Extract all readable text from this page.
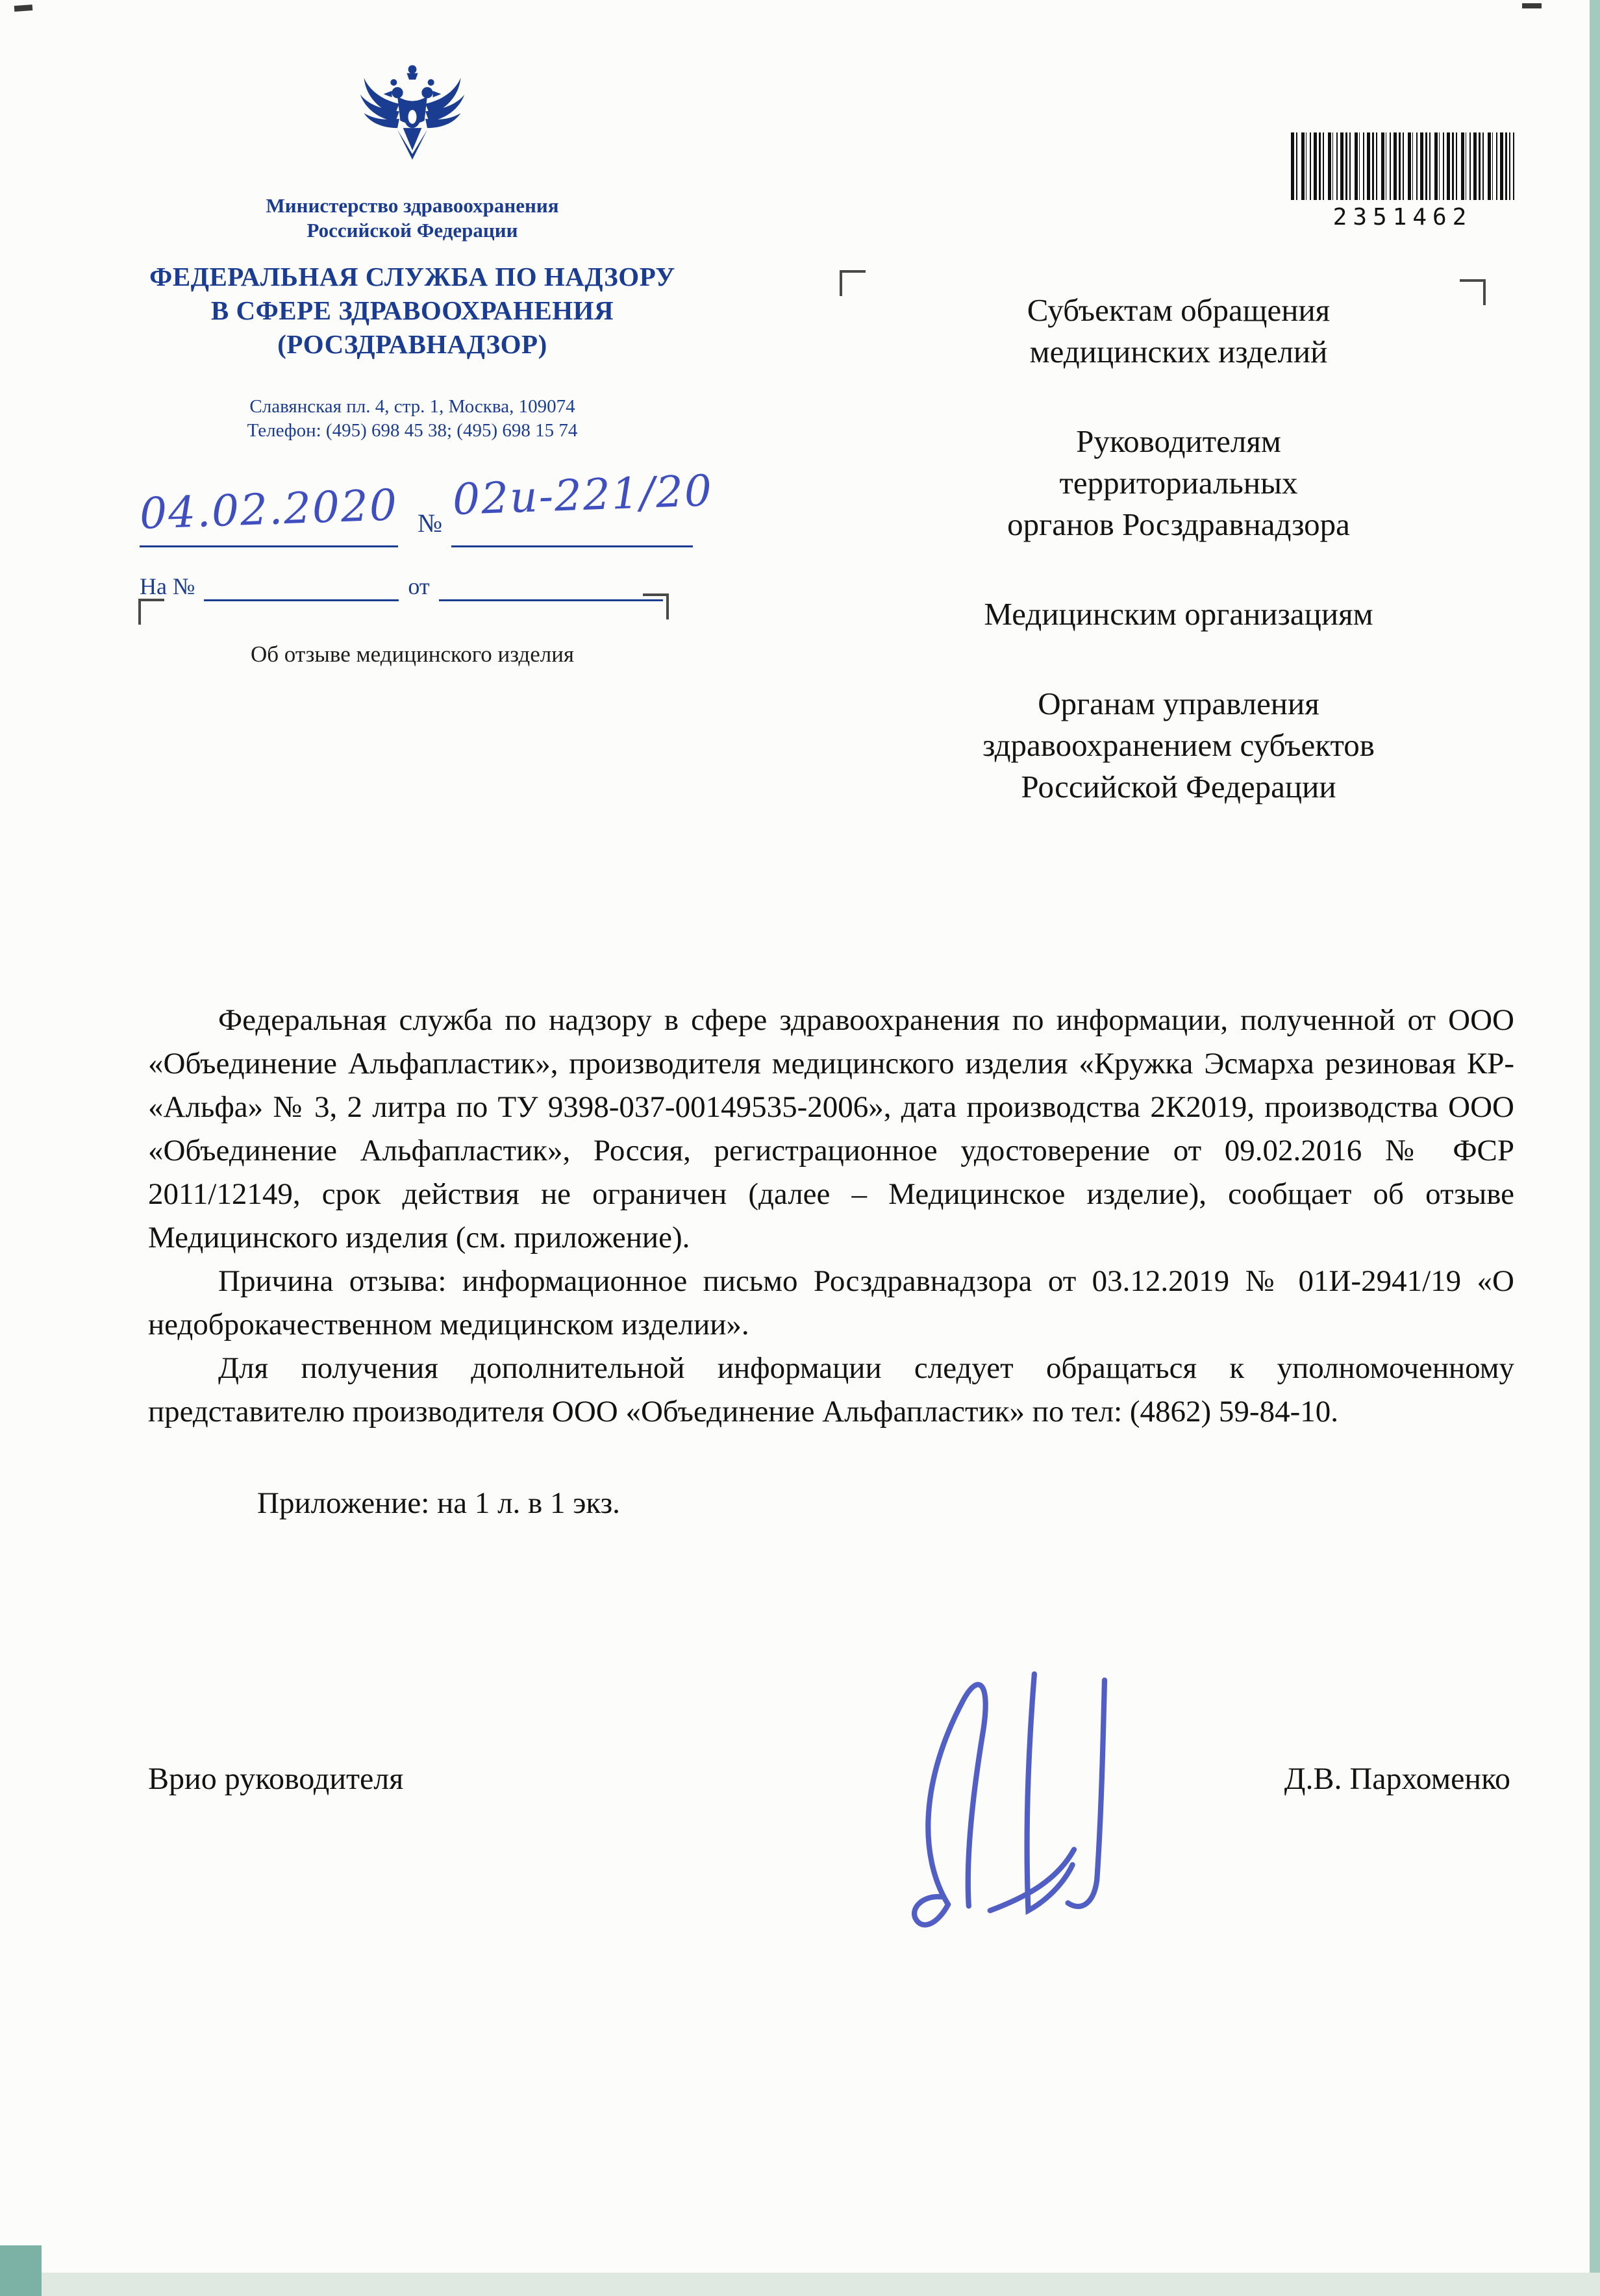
Министерство здравоохранения
Российской Федерации
ФЕДЕРАЛЬНАЯ СЛУЖБА ПО НАДЗОРУ
В СФЕРЕ ЗДРАВООХРАНЕНИЯ
(РОСЗДРАВНАДЗОР)
Славянская пл. 4, стр. 1, Москва, 109074
Телефон: (495) 698 45 38; (495) 698 15 74
04.02.2020 № 02и-221/20
На №	от
Об отзыве медицинского изделия
2351462
Субъектам обращения
медицинских изделий
Руководителям
территориальных
органов Росздравнадзора
Медицинским организациям
Органам управления
здравоохранением субъектов
Российской Федерации

Федеральная служба по надзору в сфере здравоохранения по информации, полученной от ООО «Объединение Альфапластик», производителя медицинского изделия «Кружка Эсмарха резиновая КР- «Альфа» № 3, 2 литра по ТУ 9398-037-00149535-2006», дата производства 2К2019, производства ООО «Объединение Альфапластик», Россия, регистрационное удостоверение от 09.02.2016 № ФСР 2011/12149, срок действия не ограничен (далее – Медицинское изделие), сообщает об отзыве Медицинского изделия (см. приложение).

Причина отзыва: информационное письмо Росздравнадзора от 03.12.2019 № 01И-2941/19 «О недоброкачественном медицинском изделии».

Для получения дополнительной информации следует обращаться к уполномоченному представителю производителя ООО «Объединение Альфапластик» по тел: (4862) 59-84-10.

Приложение: на 1 л. в 1 экз.

Врио руководителя	Д.В. Пархоменко
